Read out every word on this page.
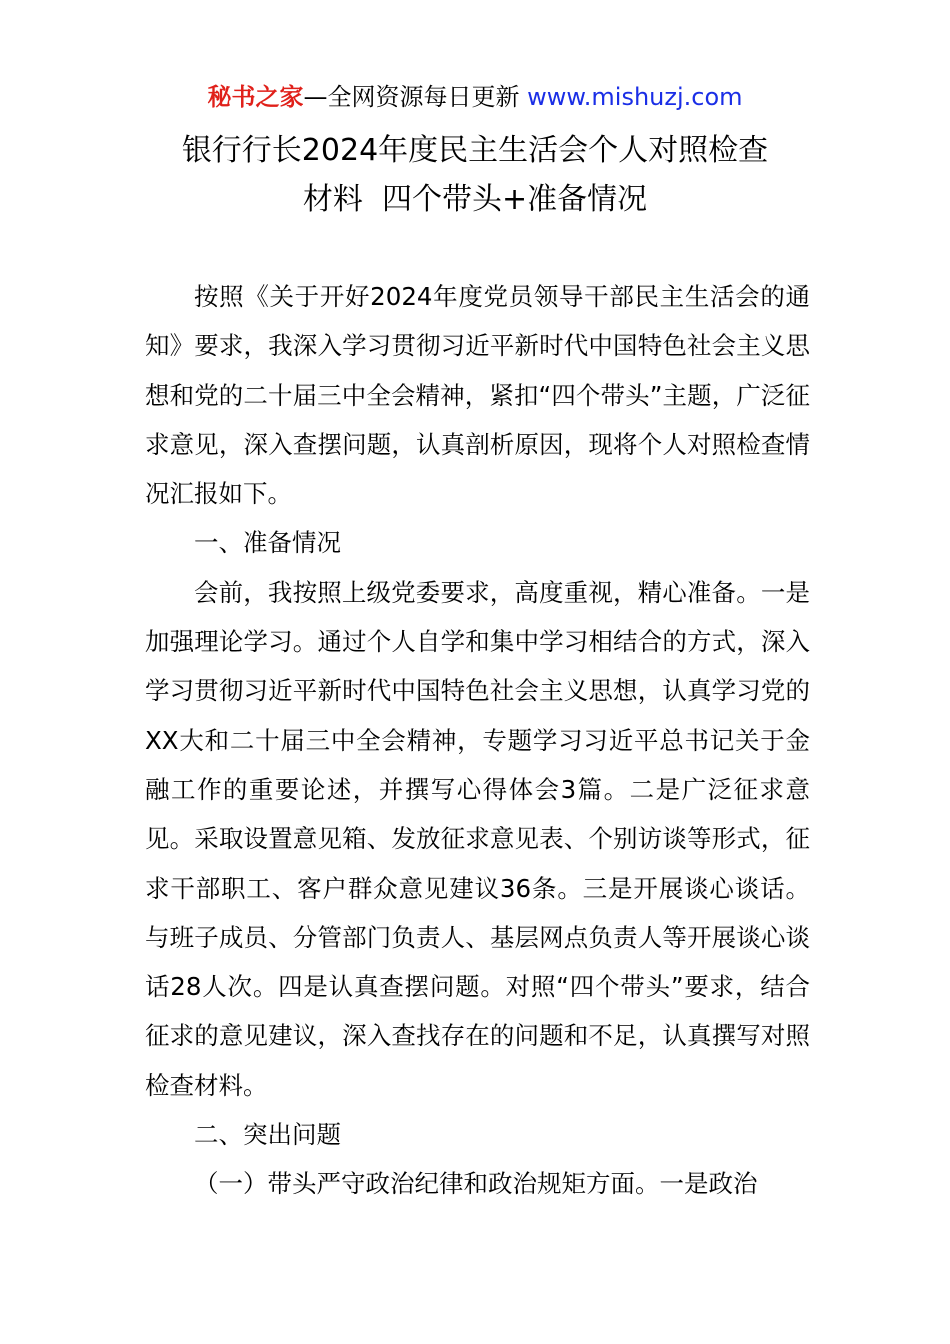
秘书之家—全网资源每日更新 www.mishuzj.com
银行行长2024年度民主生活会个人对照检查
材料  四个带头+准备情况

按照《关于开好2024年度党员领导干部民主生活会的通知》要求，我深入学习贯彻习近平新时代中国特色社会主义思想和党的二十届三中全会精神，紧扣“四个带头”主题，广泛征求意见，深入查摆问题，认真剖析原因，现将个人对照检查情况汇报如下。

一、准备情况

会前，我按照上级党委要求，高度重视，精心准备。一是加强理论学习。通过个人自学和集中学习相结合的方式，深入学习贯彻习近平新时代中国特色社会主义思想，认真学习党的XX大和二十届三中全会精神，专题学习习近平总书记关于金融工作的重要论述，并撰写心得体会3篇。二是广泛征求意见。采取设置意见箱、发放征求意见表、个别访谈等形式，征求干部职工、客户群众意见建议36条。三是开展谈心谈话。与班子成员、分管部门负责人、基层网点负责人等开展谈心谈话28人次。四是认真查摆问题。对照“四个带头”要求，结合征求的意见建议，深入查找存在的问题和不足，认真撰写对照检查材料。

二、突出问题

（一）带头严守政治纪律和政治规矩方面。一是政治
